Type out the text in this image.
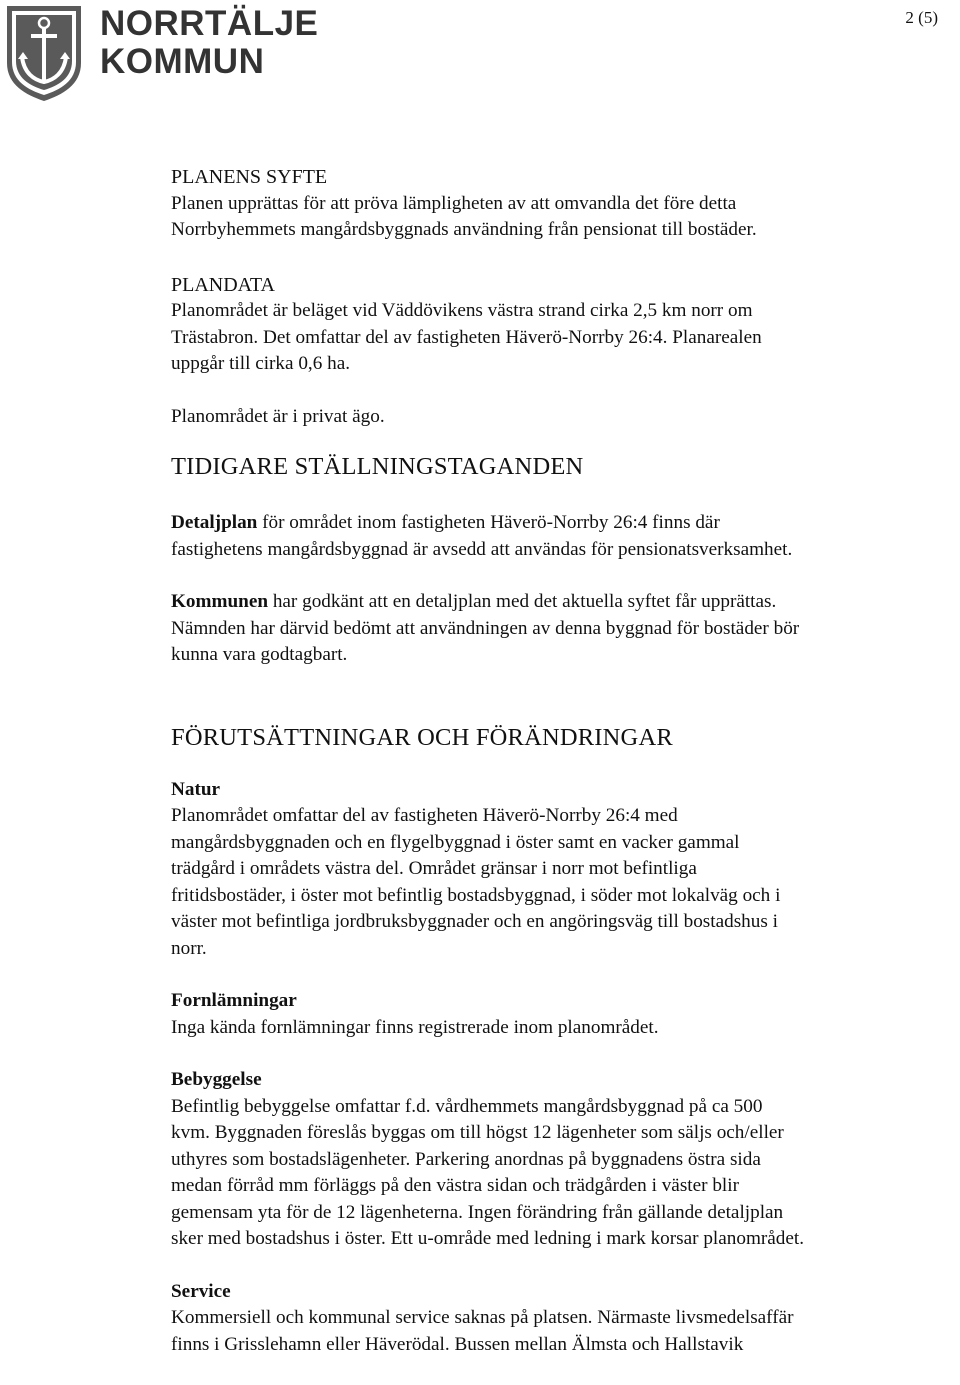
NORRTÄLJE
KOMMUN
2 (5)

PLANENS SYFTE

Planen upprättas för att pröva lämpligheten av att omvandla det före detta

Norrbyhemmets mangårdsbyggnads användning från pensionat till bostäder.

PLANDATA

Planområdet är beläget vid Väddövikens västra strand cirka 2,5 km norr om

Trästabron. Det omfattar del av fastigheten Häverö-Norrby 26:4. Planarealen

uppgår till cirka 0,6 ha.

Planområdet är i privat ägo.

TIDIGARE STÄLLNINGSTAGANDEN

Detaljplan för området inom fastigheten Häverö-Norrby 26:4 finns där

fastighetens mangårdsbyggnad är avsedd att användas för pensionatsverksamhet.

Kommunen har godkänt att en detaljplan med det aktuella syftet får upprättas.

Nämnden har därvid bedömt att användningen av denna byggnad för bostäder bör

kunna vara godtagbart.

FÖRUTSÄTTNINGAR OCH FÖRÄNDRINGAR

Natur

Planområdet omfattar del av fastigheten Häverö-Norrby 26:4 med

mangårdsbyggnaden och en flygelbyggnad i öster samt en vacker gammal

trädgård i områdets västra del. Området gränsar i norr mot befintliga

fritidsbostäder, i öster mot befintlig bostadsbyggnad, i söder mot lokalväg och i

väster mot befintliga jordbruksbyggnader och en angöringsväg till bostadshus i

norr.

Fornlämningar

Inga kända fornlämningar finns registrerade inom planområdet.

Bebyggelse

Befintlig bebyggelse omfattar f.d. vårdhemmets mangårdsbyggnad på ca 500

kvm. Byggnaden föreslås byggas om till högst 12 lägenheter som säljs och/eller

uthyres som bostadslägenheter. Parkering anordnas på byggnadens östra sida

medan förråd mm förläggs på den västra sidan och trädgården i väster blir

gemensam yta för de 12 lägenheterna. Ingen förändring från gällande detaljplan

sker med bostadshus i öster. Ett u-område med ledning i mark korsar planområdet.

Service

Kommersiell och kommunal service saknas på platsen. Närmaste livsmedelsaffär

finns i Grisslehamn eller Häverödal. Bussen mellan Älmsta och Hallstavik
